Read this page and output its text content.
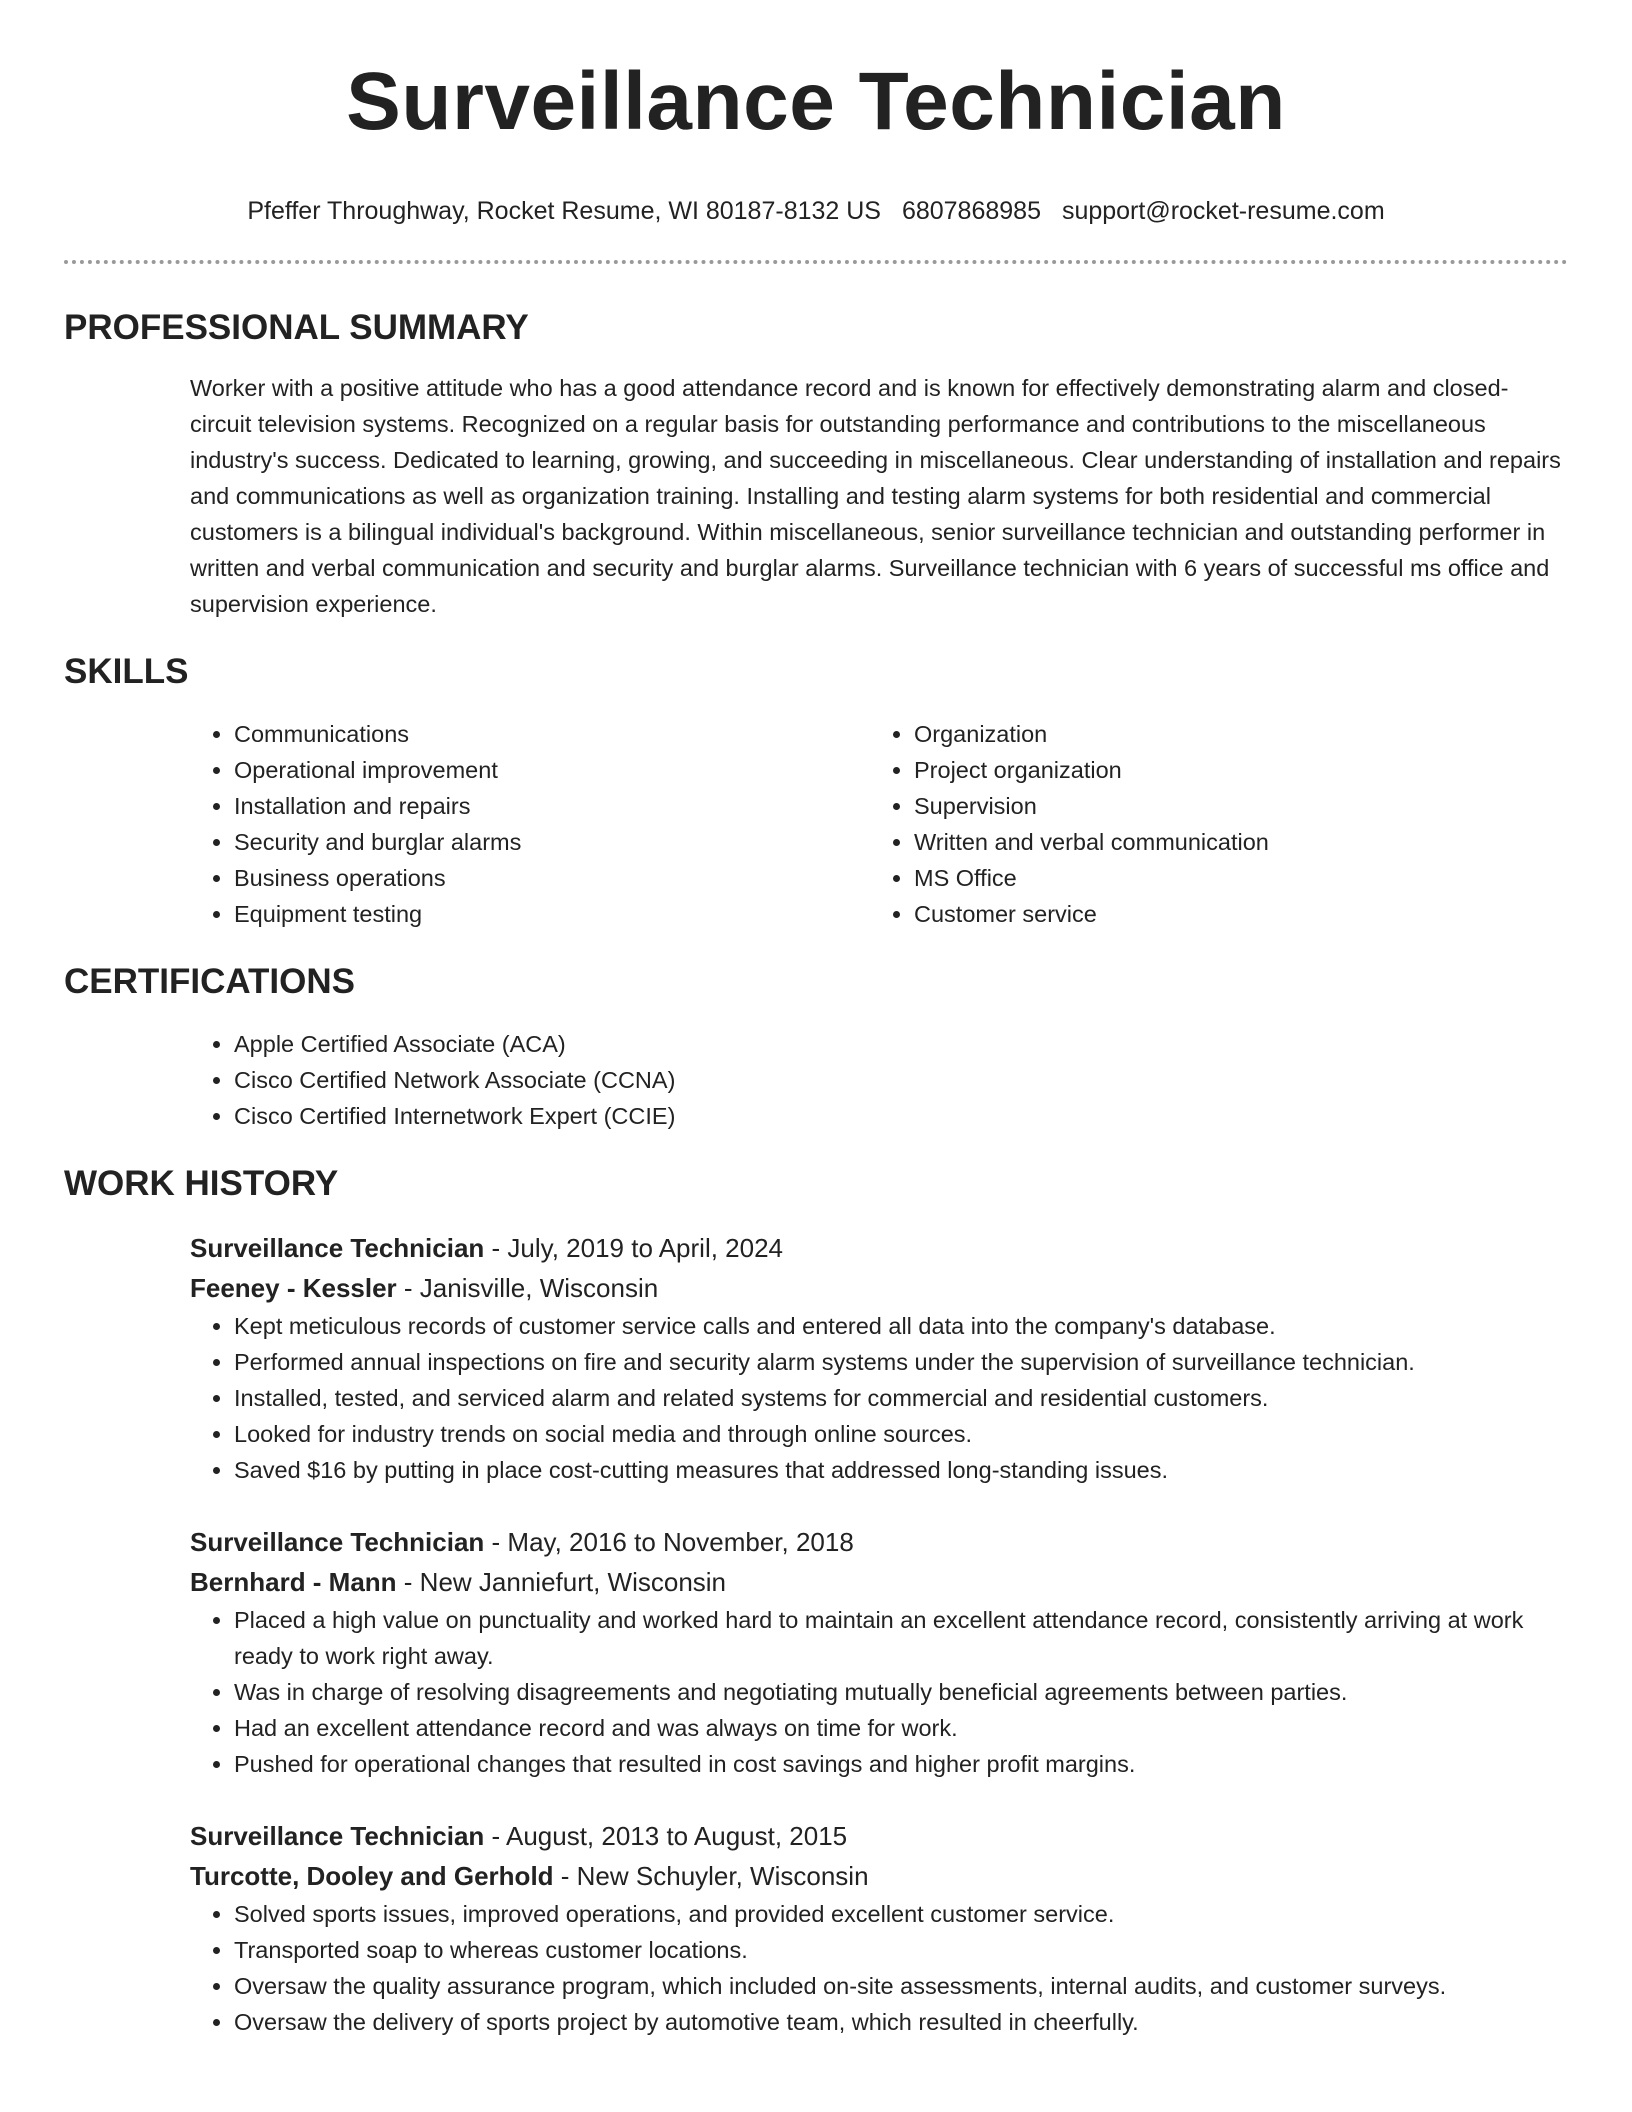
Surveillance Technician
Pfeffer Throughway, Rocket Resume, WI 80187-8132 US 6807868985 support@rocket-resume.com
PROFESSIONAL SUMMARY
Worker with a positive attitude who has a good attendance record and is known for effectively demonstrating alarm and closed-circuit television systems. Recognized on a regular basis for outstanding performance and contributions to the miscellaneous industry's success. Dedicated to learning, growing, and succeeding in miscellaneous. Clear understanding of installation and repairs and communications as well as organization training. Installing and testing alarm systems for both residential and commercial customers is a bilingual individual's background. Within miscellaneous, senior surveillance technician and outstanding performer in written and verbal communication and security and burglar alarms. Surveillance technician with 6 years of successful ms office and supervision experience.
SKILLS
• Communications
• Operational improvement
• Installation and repairs
• Security and burglar alarms
• Business operations
• Equipment testing
• Organization
• Project organization
• Supervision
• Written and verbal communication
• MS Office
• Customer service
CERTIFICATIONS
• Apple Certified Associate (ACA)
• Cisco Certified Network Associate (CCNA)
• Cisco Certified Internetwork Expert (CCIE)
WORK HISTORY
Surveillance Technician - July, 2019 to April, 2024
Feeney - Kessler - Janisville, Wisconsin
• Kept meticulous records of customer service calls and entered all data into the company's database.
• Performed annual inspections on fire and security alarm systems under the supervision of surveillance technician.
• Installed, tested, and serviced alarm and related systems for commercial and residential customers.
• Looked for industry trends on social media and through online sources.
• Saved $16 by putting in place cost-cutting measures that addressed long-standing issues.
Surveillance Technician - May, 2016 to November, 2018
Bernhard - Mann - New Janniefurt, Wisconsin
• Placed a high value on punctuality and worked hard to maintain an excellent attendance record, consistently arriving at work ready to work right away.
• Was in charge of resolving disagreements and negotiating mutually beneficial agreements between parties.
• Had an excellent attendance record and was always on time for work.
• Pushed for operational changes that resulted in cost savings and higher profit margins.
Surveillance Technician - August, 2013 to August, 2015
Turcotte, Dooley and Gerhold - New Schuyler, Wisconsin
• Solved sports issues, improved operations, and provided excellent customer service.
• Transported soap to whereas customer locations.
• Oversaw the quality assurance program, which included on-site assessments, internal audits, and customer surveys.
• Oversaw the delivery of sports project by automotive team, which resulted in cheerfully.
